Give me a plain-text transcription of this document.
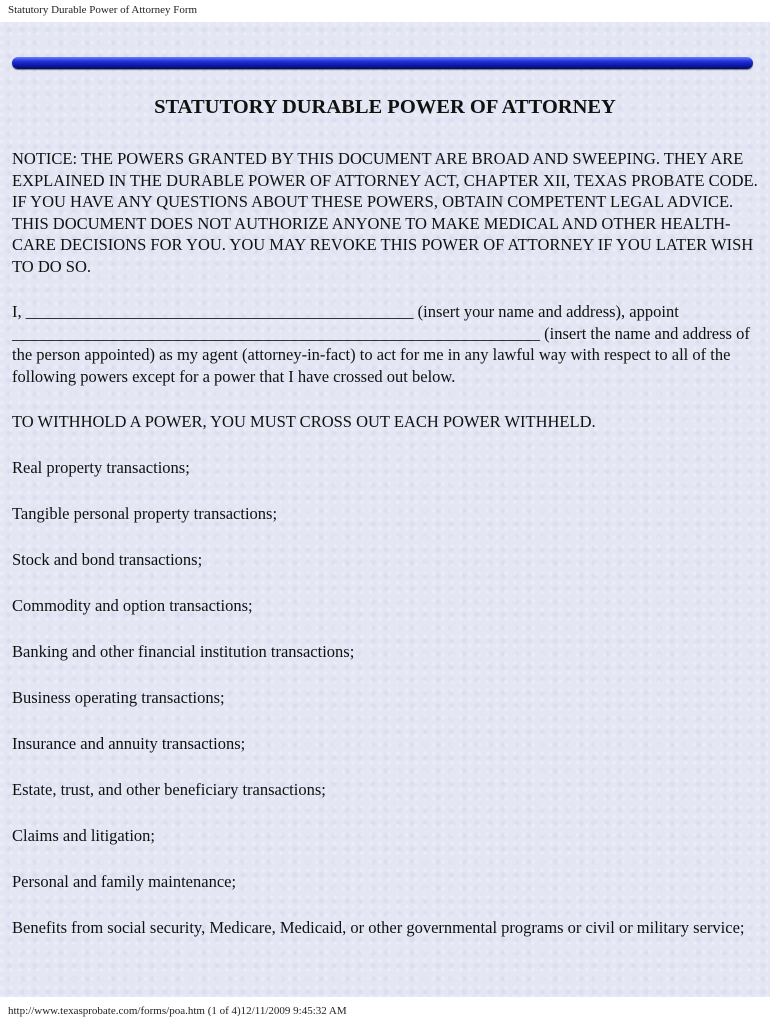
Statutory Durable Power of Attorney Form
STATUTORY DURABLE POWER OF ATTORNEY

NOTICE: THE POWERS GRANTED BY THIS DOCUMENT ARE BROAD AND SWEEPING. THEY ARE EXPLAINED IN THE DURABLE POWER OF ATTORNEY ACT, CHAPTER XII, TEXAS PROBATE CODE. IF YOU HAVE ANY QUESTIONS ABOUT THESE POWERS, OBTAIN COMPETENT LEGAL ADVICE. THIS DOCUMENT DOES NOT AUTHORIZE ANYONE TO MAKE MEDICAL AND OTHER HEALTH-CARE DECISIONS FOR YOU. YOU MAY REVOKE THIS POWER OF ATTORNEY IF YOU LATER WISH TO DO SO.

I, _______________________________________________ (insert your name and address), appoint ________________________________________________________________ (insert the name and address of the person appointed) as my agent (attorney-in-fact) to act for me in any lawful way with respect to all of the following powers except for a power that I have crossed out below.

TO WITHHOLD A POWER, YOU MUST CROSS OUT EACH POWER WITHHELD.

Real property transactions;

Tangible personal property transactions;

Stock and bond transactions;

Commodity and option transactions;

Banking and other financial institution transactions;

Business operating transactions;

Insurance and annuity transactions;

Estate, trust, and other beneficiary transactions;

Claims and litigation;

Personal and family maintenance;

Benefits from social security, Medicare, Medicaid, or other governmental programs or civil or military service;

http://www.texasprobate.com/forms/poa.htm (1 of 4)12/11/2009 9:45:32 AM
